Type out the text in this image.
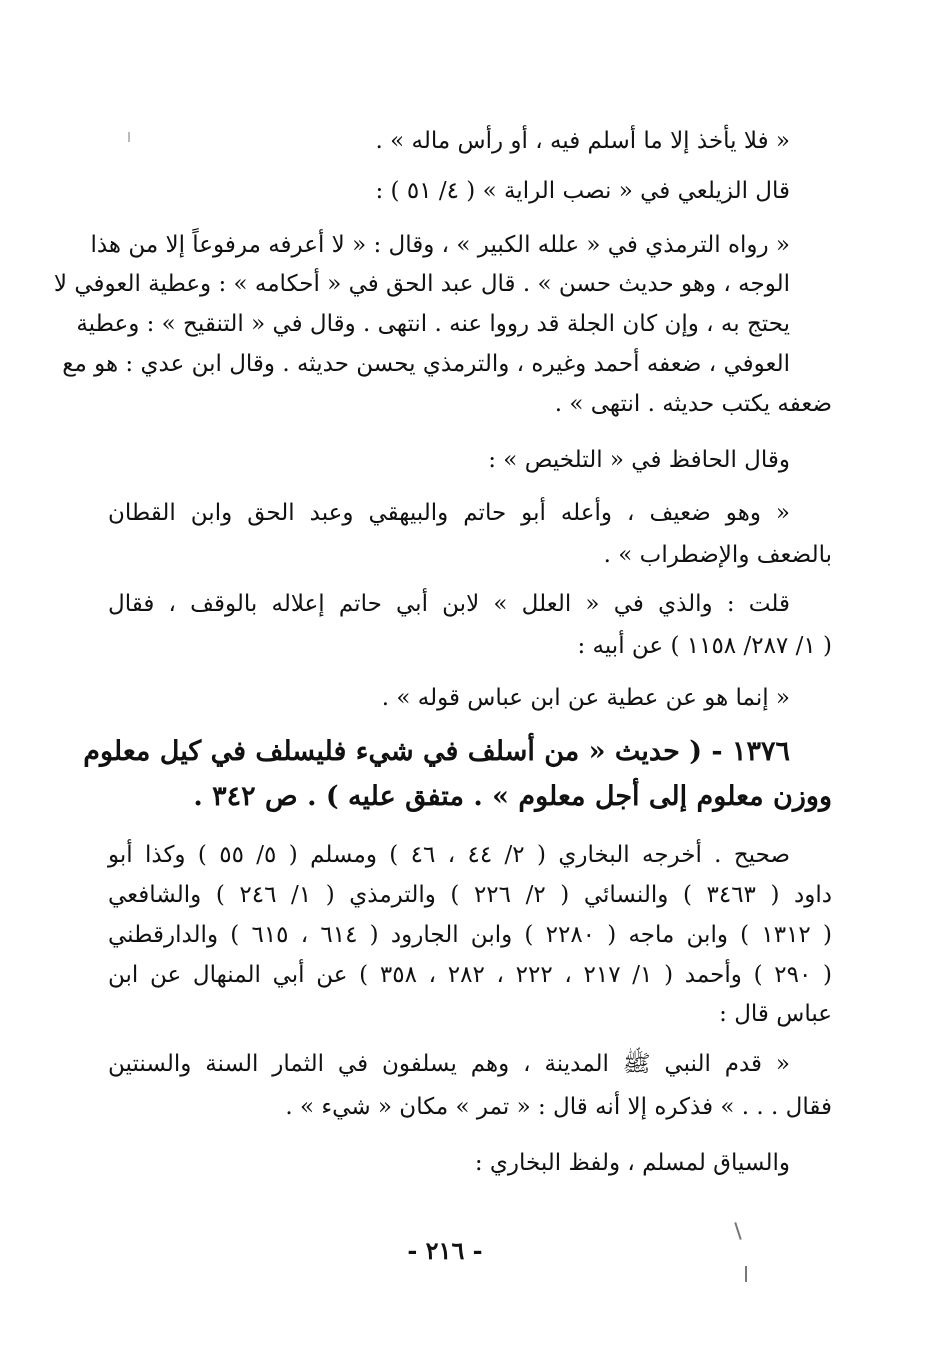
« فلا يأخذ إلا ما أسلم فيه ، أو رأس ماله » .
قال الزيلعي في « نصب الراية » ( ٤/ ٥١ ) :
« رواه الترمذي في « علله الكبير » ، وقال : « لا أعرفه مرفوعاً إلا من هذا
الوجه ، وهو حديث حسن » . قال عبد الحق في « أحكامه » : وعطية العوفي لا
يحتج به ، وإن كان الجلة قد رووا عنه . انتهى . وقال في « التنقيح » : وعطية
العوفي ، ضعفه أحمد وغيره ، والترمذي يحسن حديثه . وقال ابن عدي : هو مع
ضعفه يكتب حديثه . انتهى » .
وقال الحافظ في « التلخيص » :
« وهو ضعيف ، وأعله أبو حاتم والبيهقي وعبد الحق وابن القطان
بالضعف والإضطراب » .
قلت : والذي في « العلل » لابن أبي حاتم إعلاله بالوقف ، فقال
( ١/ ٢٨٧/ ١١٥٨ ) عن أبيه :
« إنما هو عن عطية عن ابن عباس قوله » .
١٣٧٦ - ( حديث « من أسلف في شيء فليسلف في كيل معلوم
ووزن معلوم إلى أجل معلوم » . متفق عليه ) . ص ٣٤٢ .
صحيح . أخرجه البخاري ( ٢/ ٤٤ ، ٤٦ ) ومسلم ( ٥/ ٥٥ ) وكذا أبو
داود ( ٣٤٦٣ ) والنسائي ( ٢/ ٢٢٦ ) والترمذي ( ١/ ٢٤٦ ) والشافعي
( ١٣١٢ ) وابن ماجه ( ٢٢٨٠ ) وابن الجارود ( ٦١٤ ، ٦١٥ ) والدارقطني
( ٢٩٠ ) وأحمد ( ١/ ٢١٧ ، ٢٢٢ ، ٢٨٢ ، ٣٥٨ ) عن أبي المنهال عن ابن
عباس قال :
« قدم النبي ﷺ المدينة ، وهم يسلفون في الثمار السنة والسنتين
فقال . . . » فذكره إلا أنه قال : « تمر » مكان « شيء » .
والسياق لمسلم ، ولفظ البخاري :
- ٢١٦ -
